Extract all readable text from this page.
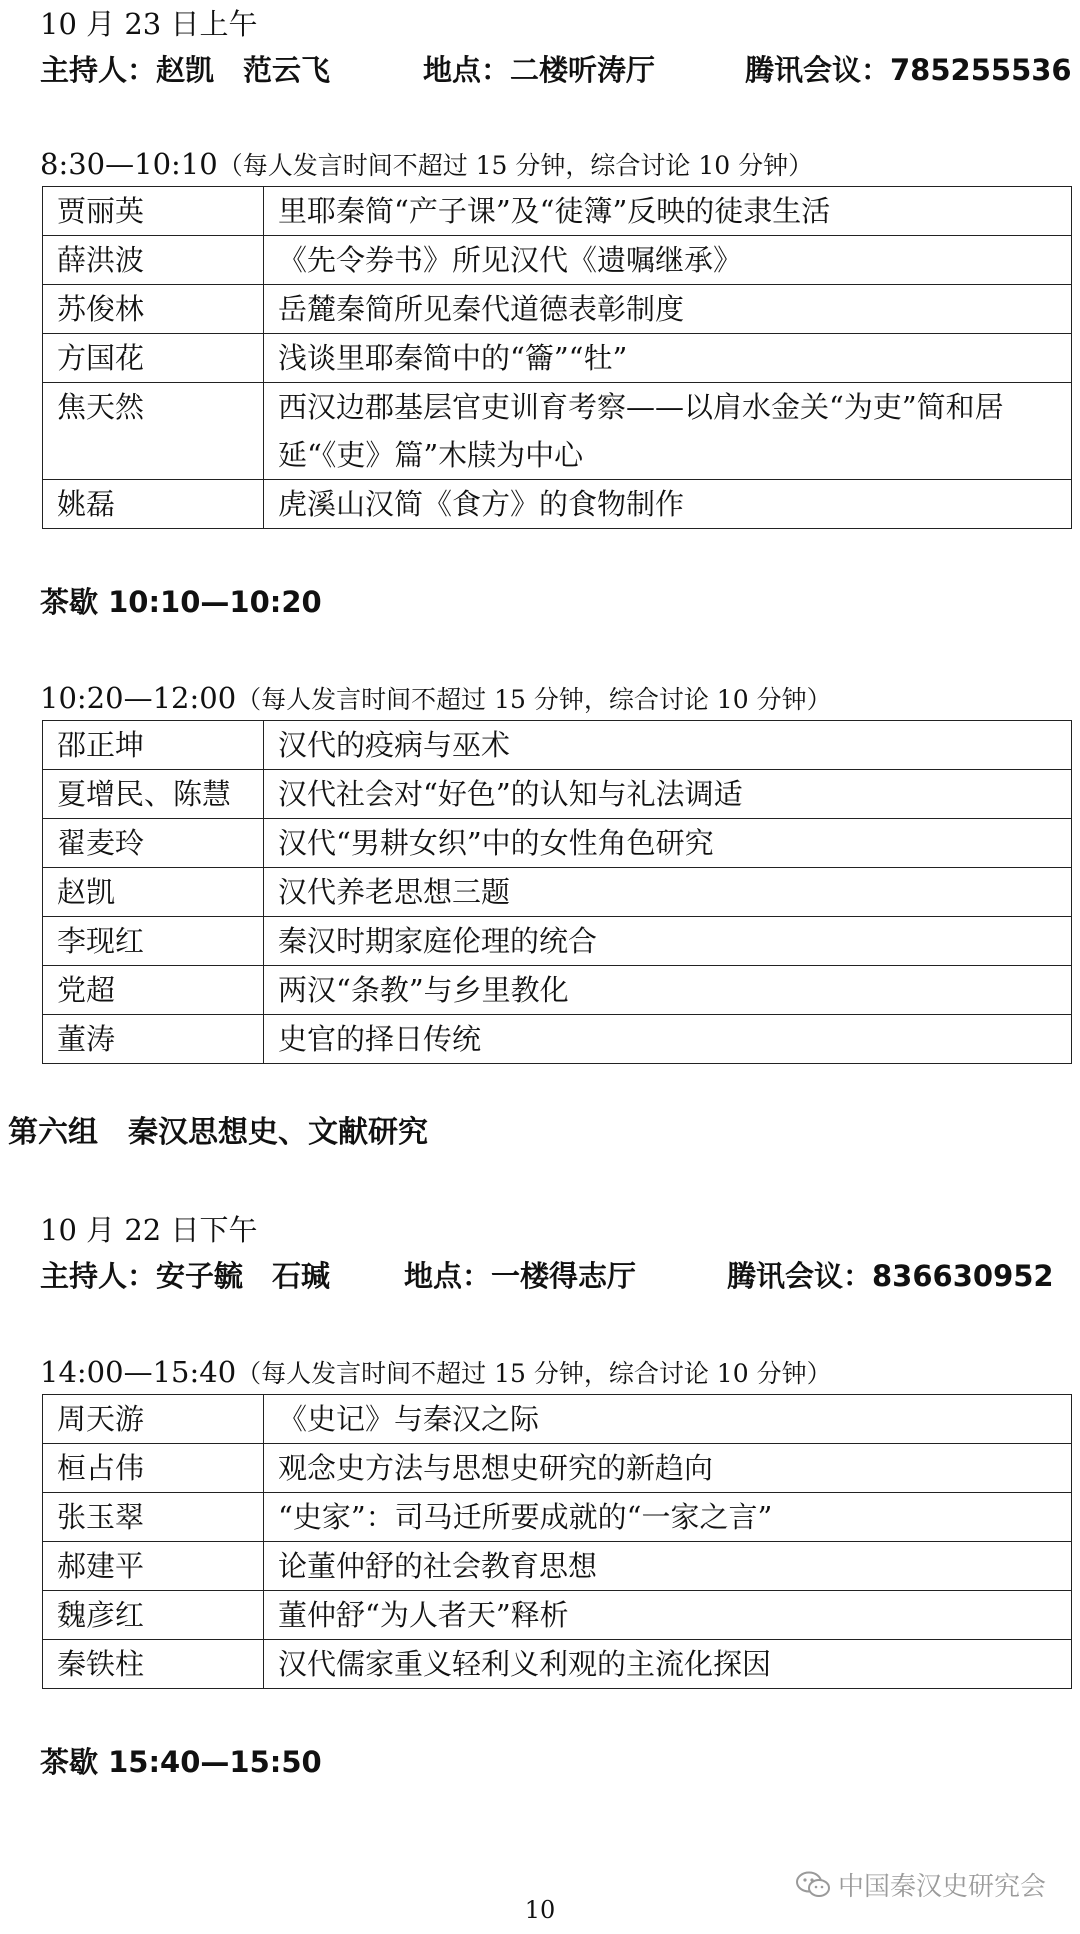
10 月 23 日上午
主持人：赵凯　范云飞	地点：二楼听涛厅	腾讯会议：785255536
8:30—10:10（每人发言时间不超过 15 分钟，综合讨论 10 分钟）
贾丽英	里耶秦简“产子课”及“徒簿”反映的徒隶生活
薛洪波	《先令券书》所见汉代《遗嘱继承》
苏俊林	岳麓秦简所见秦代道德表彰制度
方国花	浅谈里耶秦简中的“籥”“牡”
焦天然	西汉边郡基层官吏训育考察——以肩水金关“为吏”简和居延“《吏》篇”木牍为中心
姚磊	虎溪山汉简《食方》的食物制作
茶歇 10:10—10:20
10:20—12:00（每人发言时间不超过 15 分钟，综合讨论 10 分钟）
邵正坤	汉代的疫病与巫术
夏增民、陈慧	汉代社会对“好色”的认知与礼法调适
翟麦玲	汉代“男耕女织”中的女性角色研究
赵凯	汉代养老思想三题
李现红	秦汉时期家庭伦理的统合
党超	两汉“条教”与乡里教化
董涛	史官的择日传统
第六组　秦汉思想史、文献研究
10 月 22 日下午
主持人：安子毓　石瑊	地点：一楼得志厅	腾讯会议：836630952
14:00—15:40（每人发言时间不超过 15 分钟，综合讨论 10 分钟）
周天游	《史记》与秦汉之际
桓占伟	观念史方法与思想史研究的新趋向
张玉翠	“史家”：司马迁所要成就的“一家之言”
郝建平	论董仲舒的社会教育思想
魏彦红	董仲舒“为人者天”释析
秦铁柱	汉代儒家重义轻利义利观的主流化探因
茶歇 15:40—15:50
中国秦汉史研究会
10
